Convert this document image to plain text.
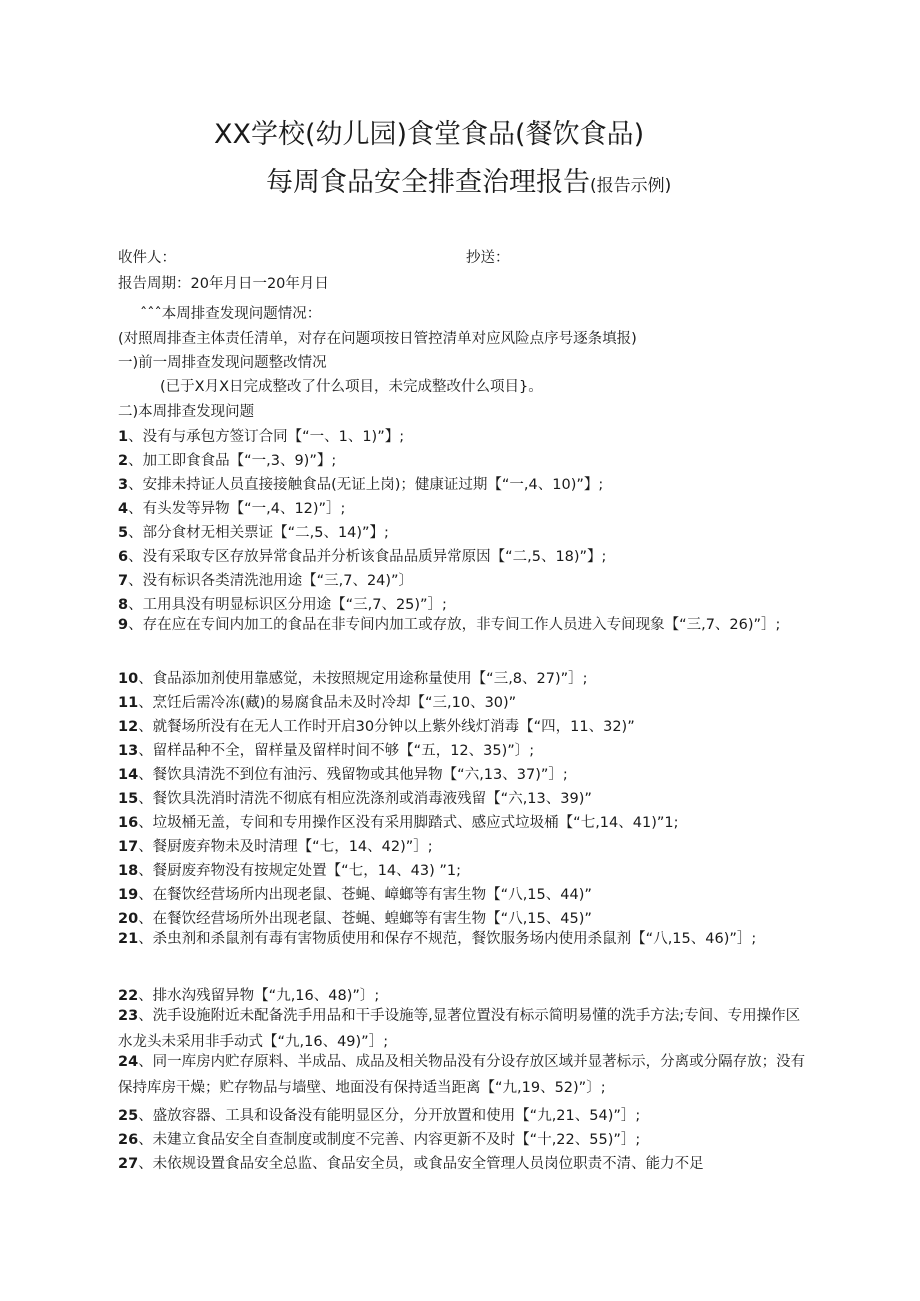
XX学校(幼儿园)食堂食品(餐饮食品)
每周食品安全排查治理报告(报告示例)
收件人：	抄送：
报告周期：20年月日一20年月日
ˆˆˆ本周排查发现问题情况：
(对照周排查主体责任清单，对存在问题项按日管控清单对应风险点序号逐条填报)
一)前一周排查发现问题整改情况
(已于X月X日完成整改了什么项目，未完成整改什么项目}。
二)本周排查发现问题
1、没有与承包方签订合同【“一、1、1)”】;
2、加工即食食品【“一,3、9)”】;
3、安排未持证人员直接接触食品(无证上岗)；健康证过期【“一,4、10)”】;
4、有头发等异物【“一,4、12)”］;
5、部分食材无相关票证【“二,5、14)”】;
6、没有采取专区存放异常食品并分析该食品品质异常原因【“二,5、18)”】;
7、没有标识各类清洗池用途【“三,7、24)”〕
8、工用具没有明显标识区分用途【“三,7、25)”］;
9、存在应在专间内加工的食品在非专间内加工或存放，非专间工作人员进入专间现象【“三,7、26)”］;
10、食品添加剂使用靠感觉，未按照规定用途称量使用【“三,8、27)”］;
11、烹饪后需冷冻(藏)的易腐食品未及时冷却【“三,10、30)”
12、就餐场所没有在无人工作时开启30分钟以上紫外线灯消毒【“四，11、32)”
13、留样品种不全，留样量及留样时间不够【“五，12、35)”〕;
14、餐饮具清洗不到位有油污、残留物或其他异物【“六,13、37)”］;
15、餐饮具洗消时清洗不彻底有相应洗涤剂或消毒液残留【“六,13、39)”
16、垃圾桶无盖，专间和专用操作区没有采用脚踏式、感应式垃圾桶【“七,14、41)”1;
17、餐厨废弃物未及时清理【“七，14、42)”］;
18、餐厨废弃物没有按规定处置【“七，14、43) ”1;
19、在餐饮经营场所内出现老鼠、苍蝇、嶂螂等有害生物【“八,15、44)”
20、在餐饮经营场所外出现老鼠、苍蝇、蝗螂等有害生物【“八,15、45)”
21、杀虫剂和杀鼠剂有毒有害物质使用和保存不规范，餐饮服务场内使用杀鼠剂【“八,15、46)”］;
22、排水沟残留异物【“九,16、48)”〕;
23、洗手设施附近未配备洗手用品和干手设施等,显著位置没有标示简明易懂的洗手方法;专间、专用操作区水龙头未采用非手动式【“九,16、49)”］;
24、同一库房内贮存原料、半成品、成品及相关物品没有分设存放区域并显著标示，分离或分隔存放；没有保持库房干燥；贮存物品与墙壁、地面没有保持适当距离【“九,19、52)”〕;
25、盛放容器、工具和设备没有能明显区分，分开放置和使用【“九,21、54)”］;
26、未建立食品安全自查制度或制度不完善、内容更新不及时【“十,22、55)”］;
27、未依规设置食品安全总监、食品安全员，或食品安全管理人员岗位职责不清、能力不足
